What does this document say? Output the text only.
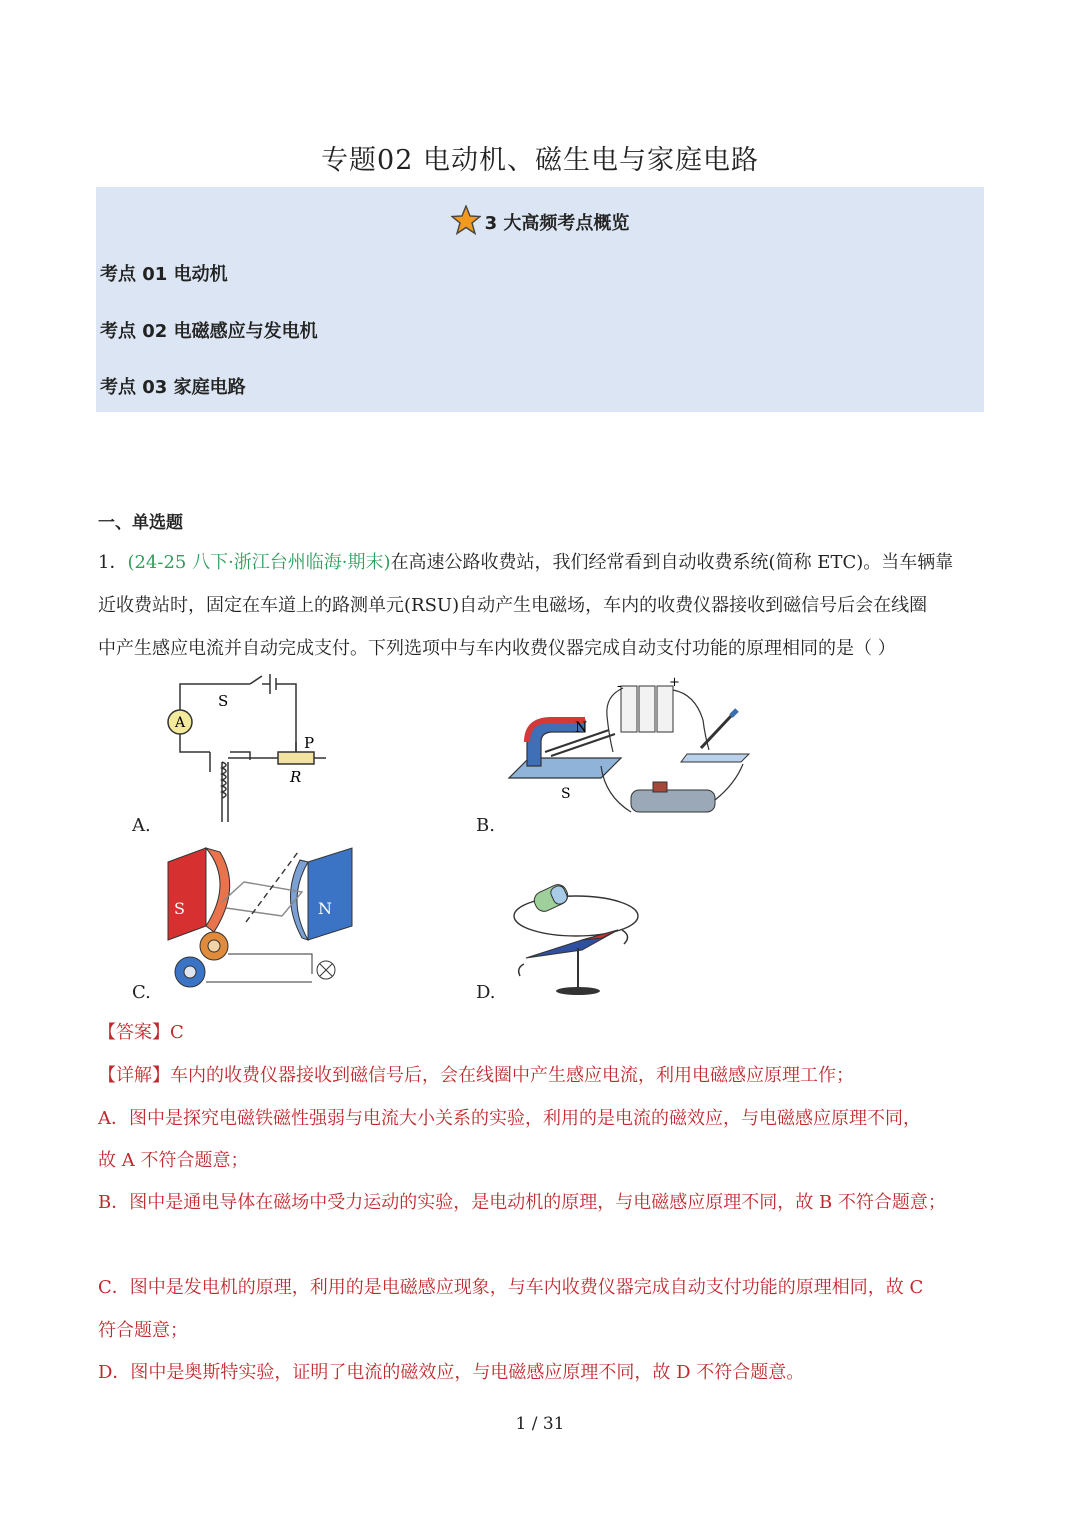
专题02 电动机、磁生电与家庭电路
3 大高频考点概览
考点 01 电动机
考点 02 电磁感应与发电机
考点 03 家庭电路
一、单选题
1．(24-25 八下·浙江台州临海·期末)在高速公路收费站，我们经常看到自动收费系统(简称 ETC)。当车辆靠
近收费站时，固定在车道上的路测单元(RSU)自动产生电磁场，车内的收费仪器接收到磁信号后会在线圈
中产生感应电流并自动完成支付。下列选项中与车内收费仪器完成自动支付功能的原理相同的是（ ）
A
S
P
R
A.
N
S
-	+
B.
S	N
C.	D.
【答案】C
【详解】车内的收费仪器接收到磁信号后，会在线圈中产生感应电流，利用电磁感应原理工作；
A．图中是探究电磁铁磁性强弱与电流大小关系的实验，利用的是电流的磁效应，与电磁感应原理不同，
故 A 不符合题意；
B．图中是通电导体在磁场中受力运动的实验，是电动机的原理，与电磁感应原理不同，故 B 不符合题意；
C．图中是发电机的原理，利用的是电磁感应现象，与车内收费仪器完成自动支付功能的原理相同，故 C
符合题意；
D．图中是奥斯特实验，证明了电流的磁效应，与电磁感应原理不同，故 D 不符合题意。
1 / 31
